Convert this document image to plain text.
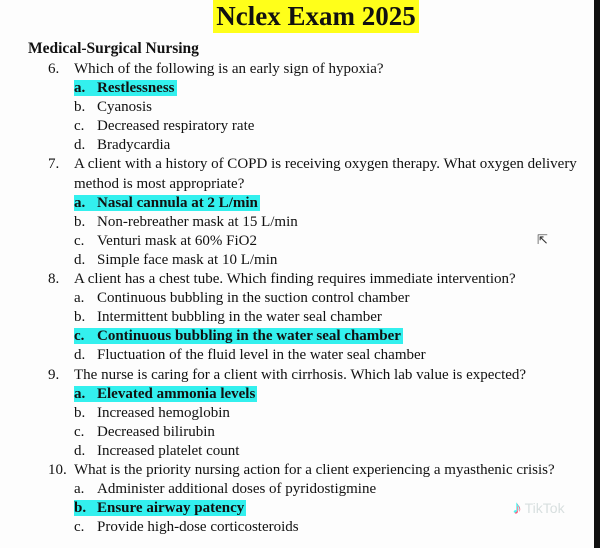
Nclex Exam 2025
Medical-Surgical Nursing
6. Which of the following is an early sign of hypoxia?
a. Restlessness
b. Cyanosis
c. Decreased respiratory rate
d. Bradycardia
7. A client with a history of COPD is receiving oxygen therapy. What oxygen delivery method is most appropriate?
a. Nasal cannula at 2 L/min
b. Non-rebreather mask at 15 L/min
c. Venturi mask at 60% FiO2
d. Simple face mask at 10 L/min
8. A client has a chest tube. Which finding requires immediate intervention?
a. Continuous bubbling in the suction control chamber
b. Intermittent bubbling in the water seal chamber
c. Continuous bubbling in the water seal chamber
d. Fluctuation of the fluid level in the water seal chamber
9. The nurse is caring for a client with cirrhosis. Which lab value is expected?
a. Elevated ammonia levels
b. Increased hemoglobin
c. Decreased bilirubin
d. Increased platelet count
10. What is the priority nursing action for a client experiencing a myasthenic crisis?
a. Administer additional doses of pyridostigmine
b. Ensure airway patency
c. Provide high-dose corticosteroids
♪ TikTok
⇱
